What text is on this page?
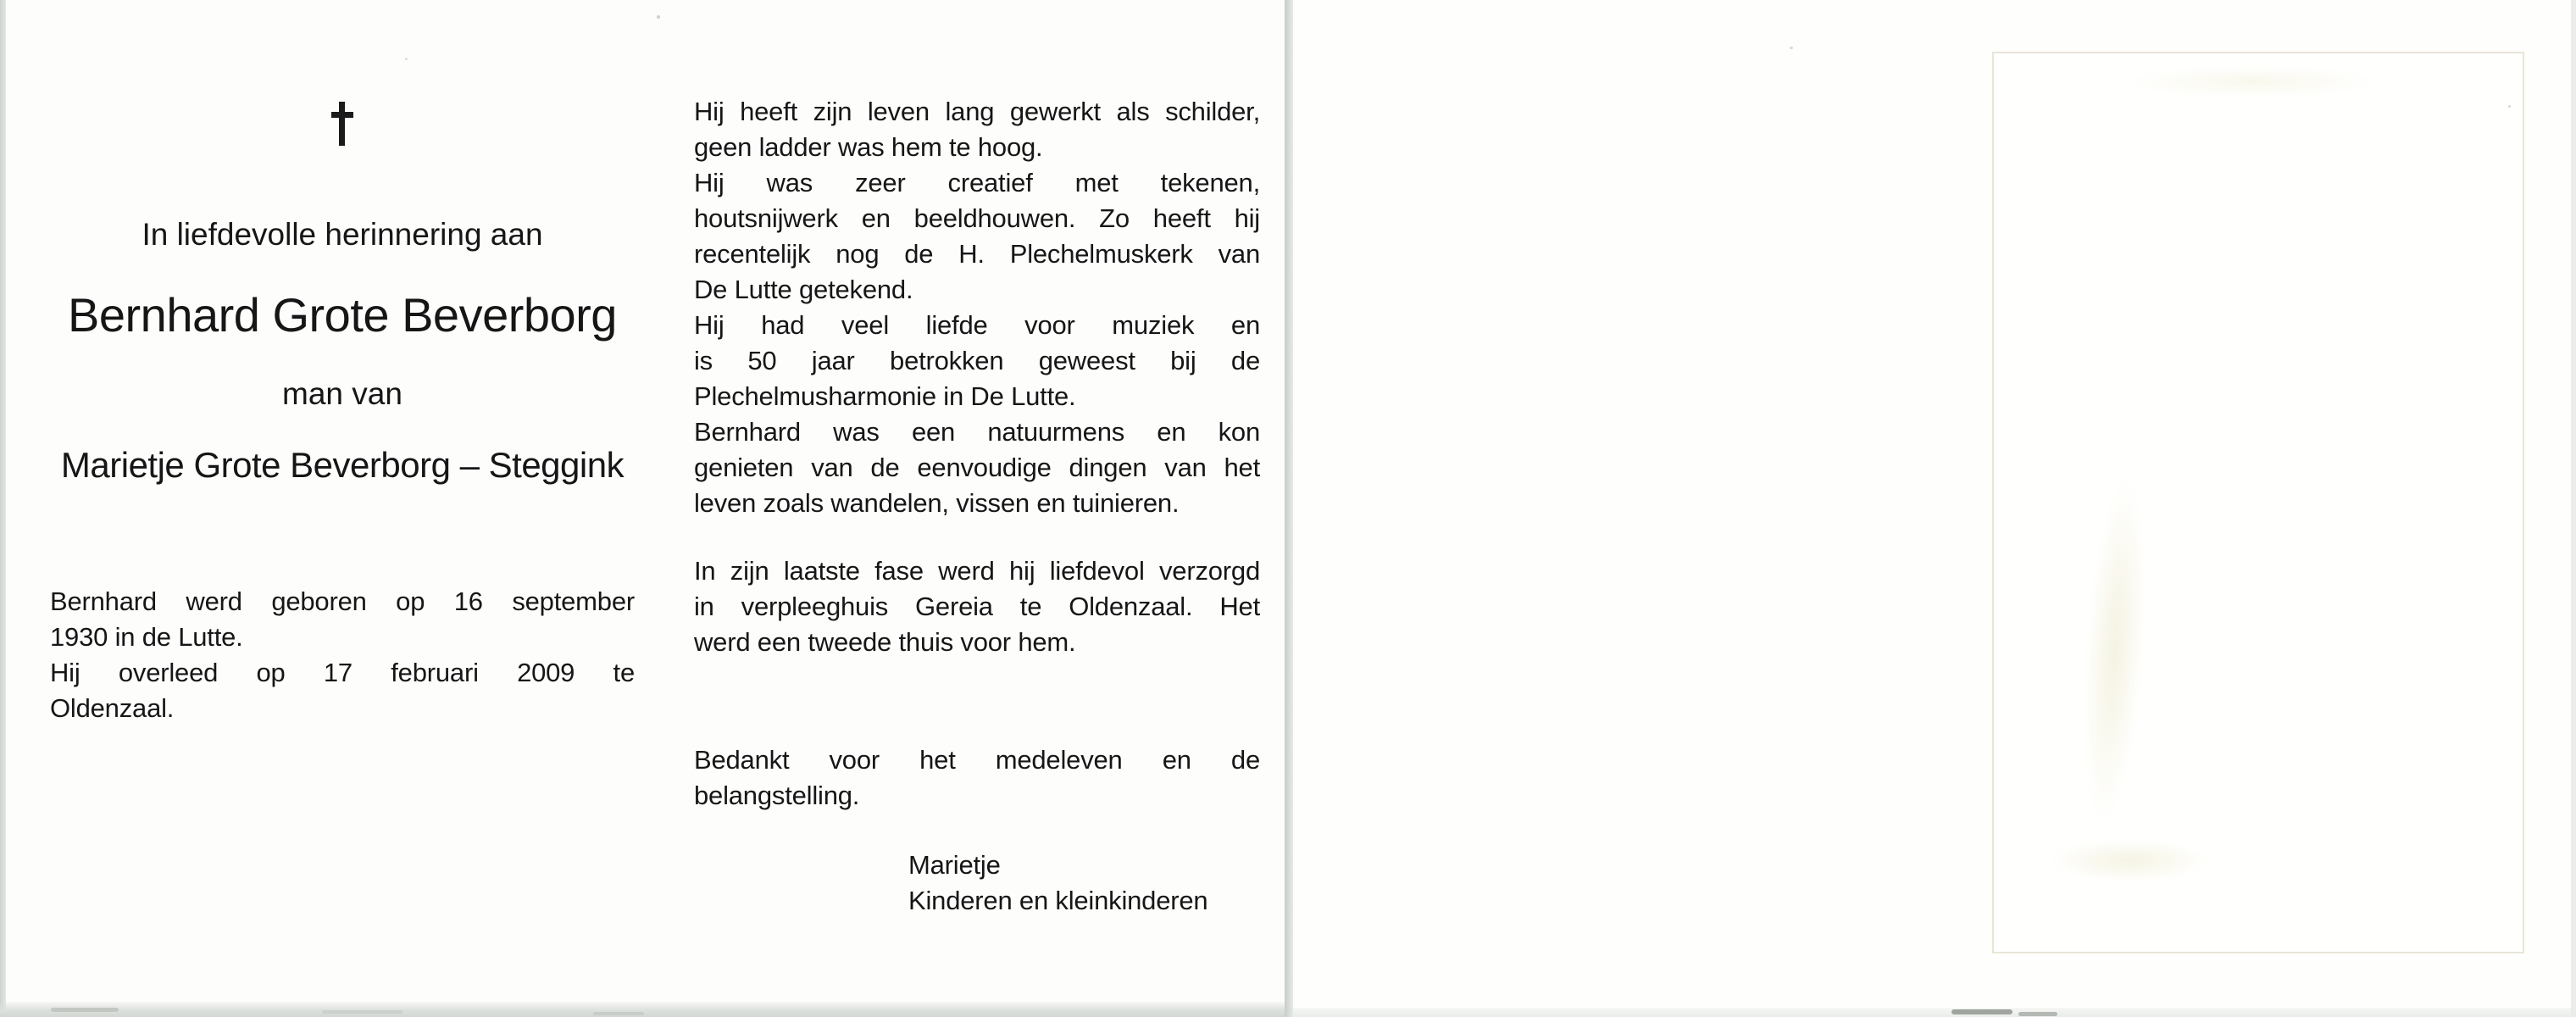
In liefdevolle herinnering aan
Bernhard Grote Beverborg
man van
Marietje Grote Beverborg – Steggink
Bernhard werd geboren op 16 september
1930 in de Lutte.
Hij overleed op 17 februari 2009 te
Oldenzaal.
Hij heeft zijn leven lang gewerkt als schilder,
geen ladder was hem te hoog.
Hij was zeer creatief met tekenen,
houtsnijwerk en beeldhouwen. Zo heeft hij
recentelijk nog de H. Plechelmuskerk van
De Lutte getekend.
Hij had veel liefde voor muziek en
is 50 jaar betrokken geweest bij de
Plechelmusharmonie in De Lutte.
Bernhard was een natuurmens en kon
genieten van de eenvoudige dingen van het
leven zoals wandelen, vissen en tuinieren.
In zijn laatste fase werd hij liefdevol verzorgd
in verpleeghuis Gereia te Oldenzaal. Het
werd een tweede thuis voor hem.
Bedankt voor het medeleven en de
belangstelling.
Marietje
Kinderen en kleinkinderen
